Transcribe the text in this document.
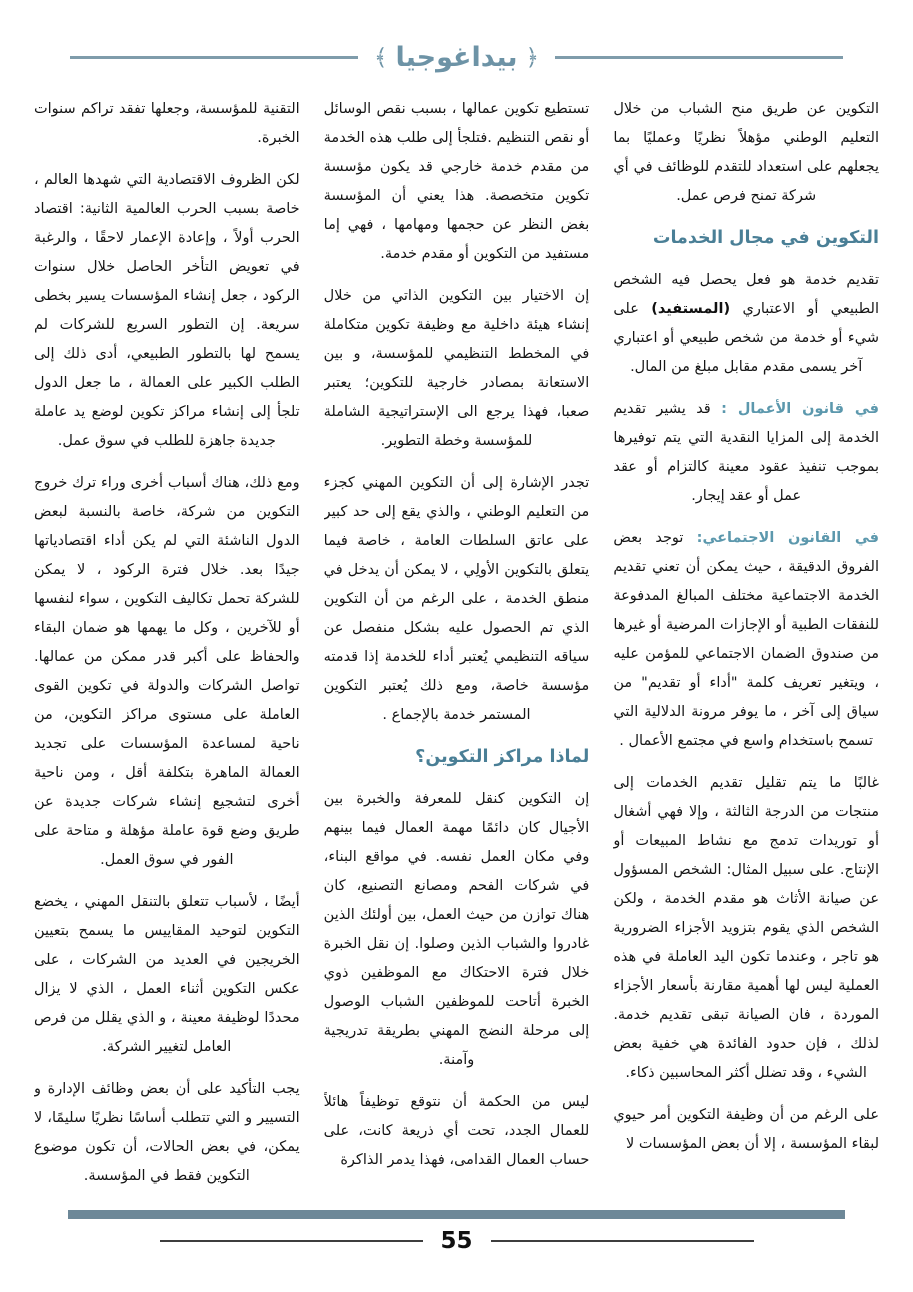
﴿
بيداغوجيا
﴾

التكوين عن طريق منح الشباب من خلال التعليم الوطني مؤهلاً نظريًا وعمليًا بما يجعلهم على استعداد للتقدم للوظائف في أي شركة تمنح فرص عمل.

التكوين في مجال الخدمات

تقديم خدمة هو فعل يحصل فيه الشخص الطبيعي أو الاعتباري (المستفيد) على شيء أو خدمة من شخص طبيعي أو اعتباري آخر يسمى مقدم مقابل مبلغ من المال.

في قانون الأعمال : قد يشير تقديم الخدمة إلى المزايا النقدية التي يتم توفيرها بموجب تنفيذ عقود معينة كالتزام أو عقد عمل أو عقد إيجار.

في القانون الاجتماعي: توجد بعض الفروق الدقيقة ، حيث يمكن أن تعني تقديم الخدمة الاجتماعية مختلف المبالغ المدفوعة للنفقات الطبية أو الإجازات المرضية أو غيرها من صندوق الضمان الاجتماعي للمؤمن عليه ، ويتغير تعريف كلمة "أداء أو تقديم" من سياق إلى آخر ، ما يوفر مرونة الدلالية التي تسمح باستخدام واسع في مجتمع الأعمال .

غالبًا ما يتم تقليل تقديم الخدمات إلى منتجات من الدرجة الثالثة ، وإلا فهي أشغال أو توريدات تدمج مع نشاط المبيعات أو الإنتاج. على سبيل المثال: الشخص المسؤول عن صيانة الأثاث هو مقدم الخدمة ، ولكن الشخص الذي يقوم بتزويد الأجزاء الضرورية هو تاجر ، وعندما تكون اليد العاملة في هذه العملية ليس لها أهمية مقارنة بأسعار الأجزاء الموردة ، فان الصيانة تبقى تقديم خدمة. لذلك ، فإن حدود الفائدة هي خفية بعض الشيء ، وقد تضلل أكثر المحاسبين ذكاء.

على الرغم من أن وظيفة التكوين أمر حيوي لبقاء المؤسسة ، إلا أن بعض المؤسسات لا

تستطيع تكوين عمالها ، بسبب نقص الوسائل أو نقص التنظيم .فتلجأ إلى طلب هذه الخدمة من مقدم خدمة خارجي قد يكون مؤسسة تكوين متخصصة. هذا يعني أن المؤسسة بغض النظر عن حجمها ومهامها ، فهي إما مستفيد من التكوين أو مقدم خدمة.

إن الاختيار بين التكوين الذاتي من خلال إنشاء هيئة داخلية مع وظيفة تكوين متكاملة في المخطط التنظيمي للمؤسسة، و بين الاستعانة بمصادر خارجية للتكوين؛ يعتبر صعبا، فهذا يرجع الى الإستراتيجية الشاملة للمؤسسة وخطة التطوير.

تجدر الإشارة إلى أن التكوين المهني كجزء من التعليم الوطني ، والذي يقع إلى حد كبير على عاتق السلطات العامة ، خاصة فيما يتعلق بالتكوين الأولِي ، لا يمكن أن يدخل في منطق الخدمة ، على الرغم من أن التكوين الذي تم الحصول عليه بشكل منفصل عن سياقه التنظيمي يُعتبر أداء للخدمة إذا قدمته مؤسسة خاصة، ومع ذلك يُعتبر التكوين المستمر خدمة بالإجماع .

لماذا مراكز التكوين؟

إن التكوين كنقل للمعرفة والخبرة بين الأجيال كان دائمًا مهمة العمال فيما بينهم وفي مكان العمل نفسه. في مواقع البناء، في شركات الفحم ومصانع التصنيع، كان هناك توازن من حيث العمل، بين أولئك الذين غادروا والشباب الذين وصلوا. إن نقل الخبرة خلال فترة الاحتكاك مع الموظفين ذوي الخبرة أتاحت للموظفين الشباب الوصول إلى مرحلة النضج المهني بطريقة تدريجية وآمنة.

ليس من الحكمة أن نتوقع توظيفاً هائلاً للعمال الجدد، تحت أي ذريعة كانت، على حساب العمال القدامى، فهذا يدمر الذاكرة

التقنية للمؤسسة، وجعلها تفقد تراكم سنوات الخبرة.

لكن الظروف الاقتصادية التي شهدها العالم ، خاصة بسبب الحرب العالمية الثانية: اقتصاد الحرب أولاً ، وإعادة الإعمار لاحقًا ، والرغبة في تعويض التأخر الحاصل خلال سنوات الركود ، جعل إنشاء المؤسسات يسير بخطى سريعة. إن التطور السريع للشركات لم يسمح لها بالتطور الطبيعي، أدى ذلك إلى الطلب الكبير على العمالة ، ما جعل الدول تلجأ إلى إنشاء مراكز تكوين لوضع يد عاملة جديدة جاهزة للطلب في سوق عمل.

ومع ذلك، هناك أسباب أخرى وراء ترك خروج التكوين من شركة، خاصة بالنسبة لبعض الدول الناشئة التي لم يكن أداء اقتصادياتها جيدًا بعد. خلال فترة الركود ، لا يمكن للشركة تحمل تكاليف التكوين ، سواء لنفسها أو للآخرين ، وكل ما يهمها هو ضمان البقاء والحفاظ على أكبر قدر ممكن من عمالها. تواصل الشركات والدولة في تكوين القوى العاملة على مستوى مراكز التكوين، من ناحية لمساعدة المؤسسات على تجديد العمالة الماهرة بتكلفة أقل ، ومن ناحية أخرى لتشجيع إنشاء شركات جديدة عن طريق وضع قوة عاملة مؤهلة و متاحة على الفور في سوق العمل.

أيضًا ، لأسباب تتعلق بالتنقل المهني ، يخضع التكوين لتوحيد المقاييس ما يسمح بتعيين الخريجين في العديد من الشركات ، على عكس التكوين أثناء العمل ، الذي لا يزال محددًا لوظيفة معينة ، و الذي يقلل من فرص العامل لتغيير الشركة.

يجب التأكيد على أن بعض وظائف الإدارة و التسيير و التي تتطلب أساسًا نظريًا سليمًا، لا يمكن، في بعض الحالات، أن تكون موضوع التكوين فقط في المؤسسة.

55
